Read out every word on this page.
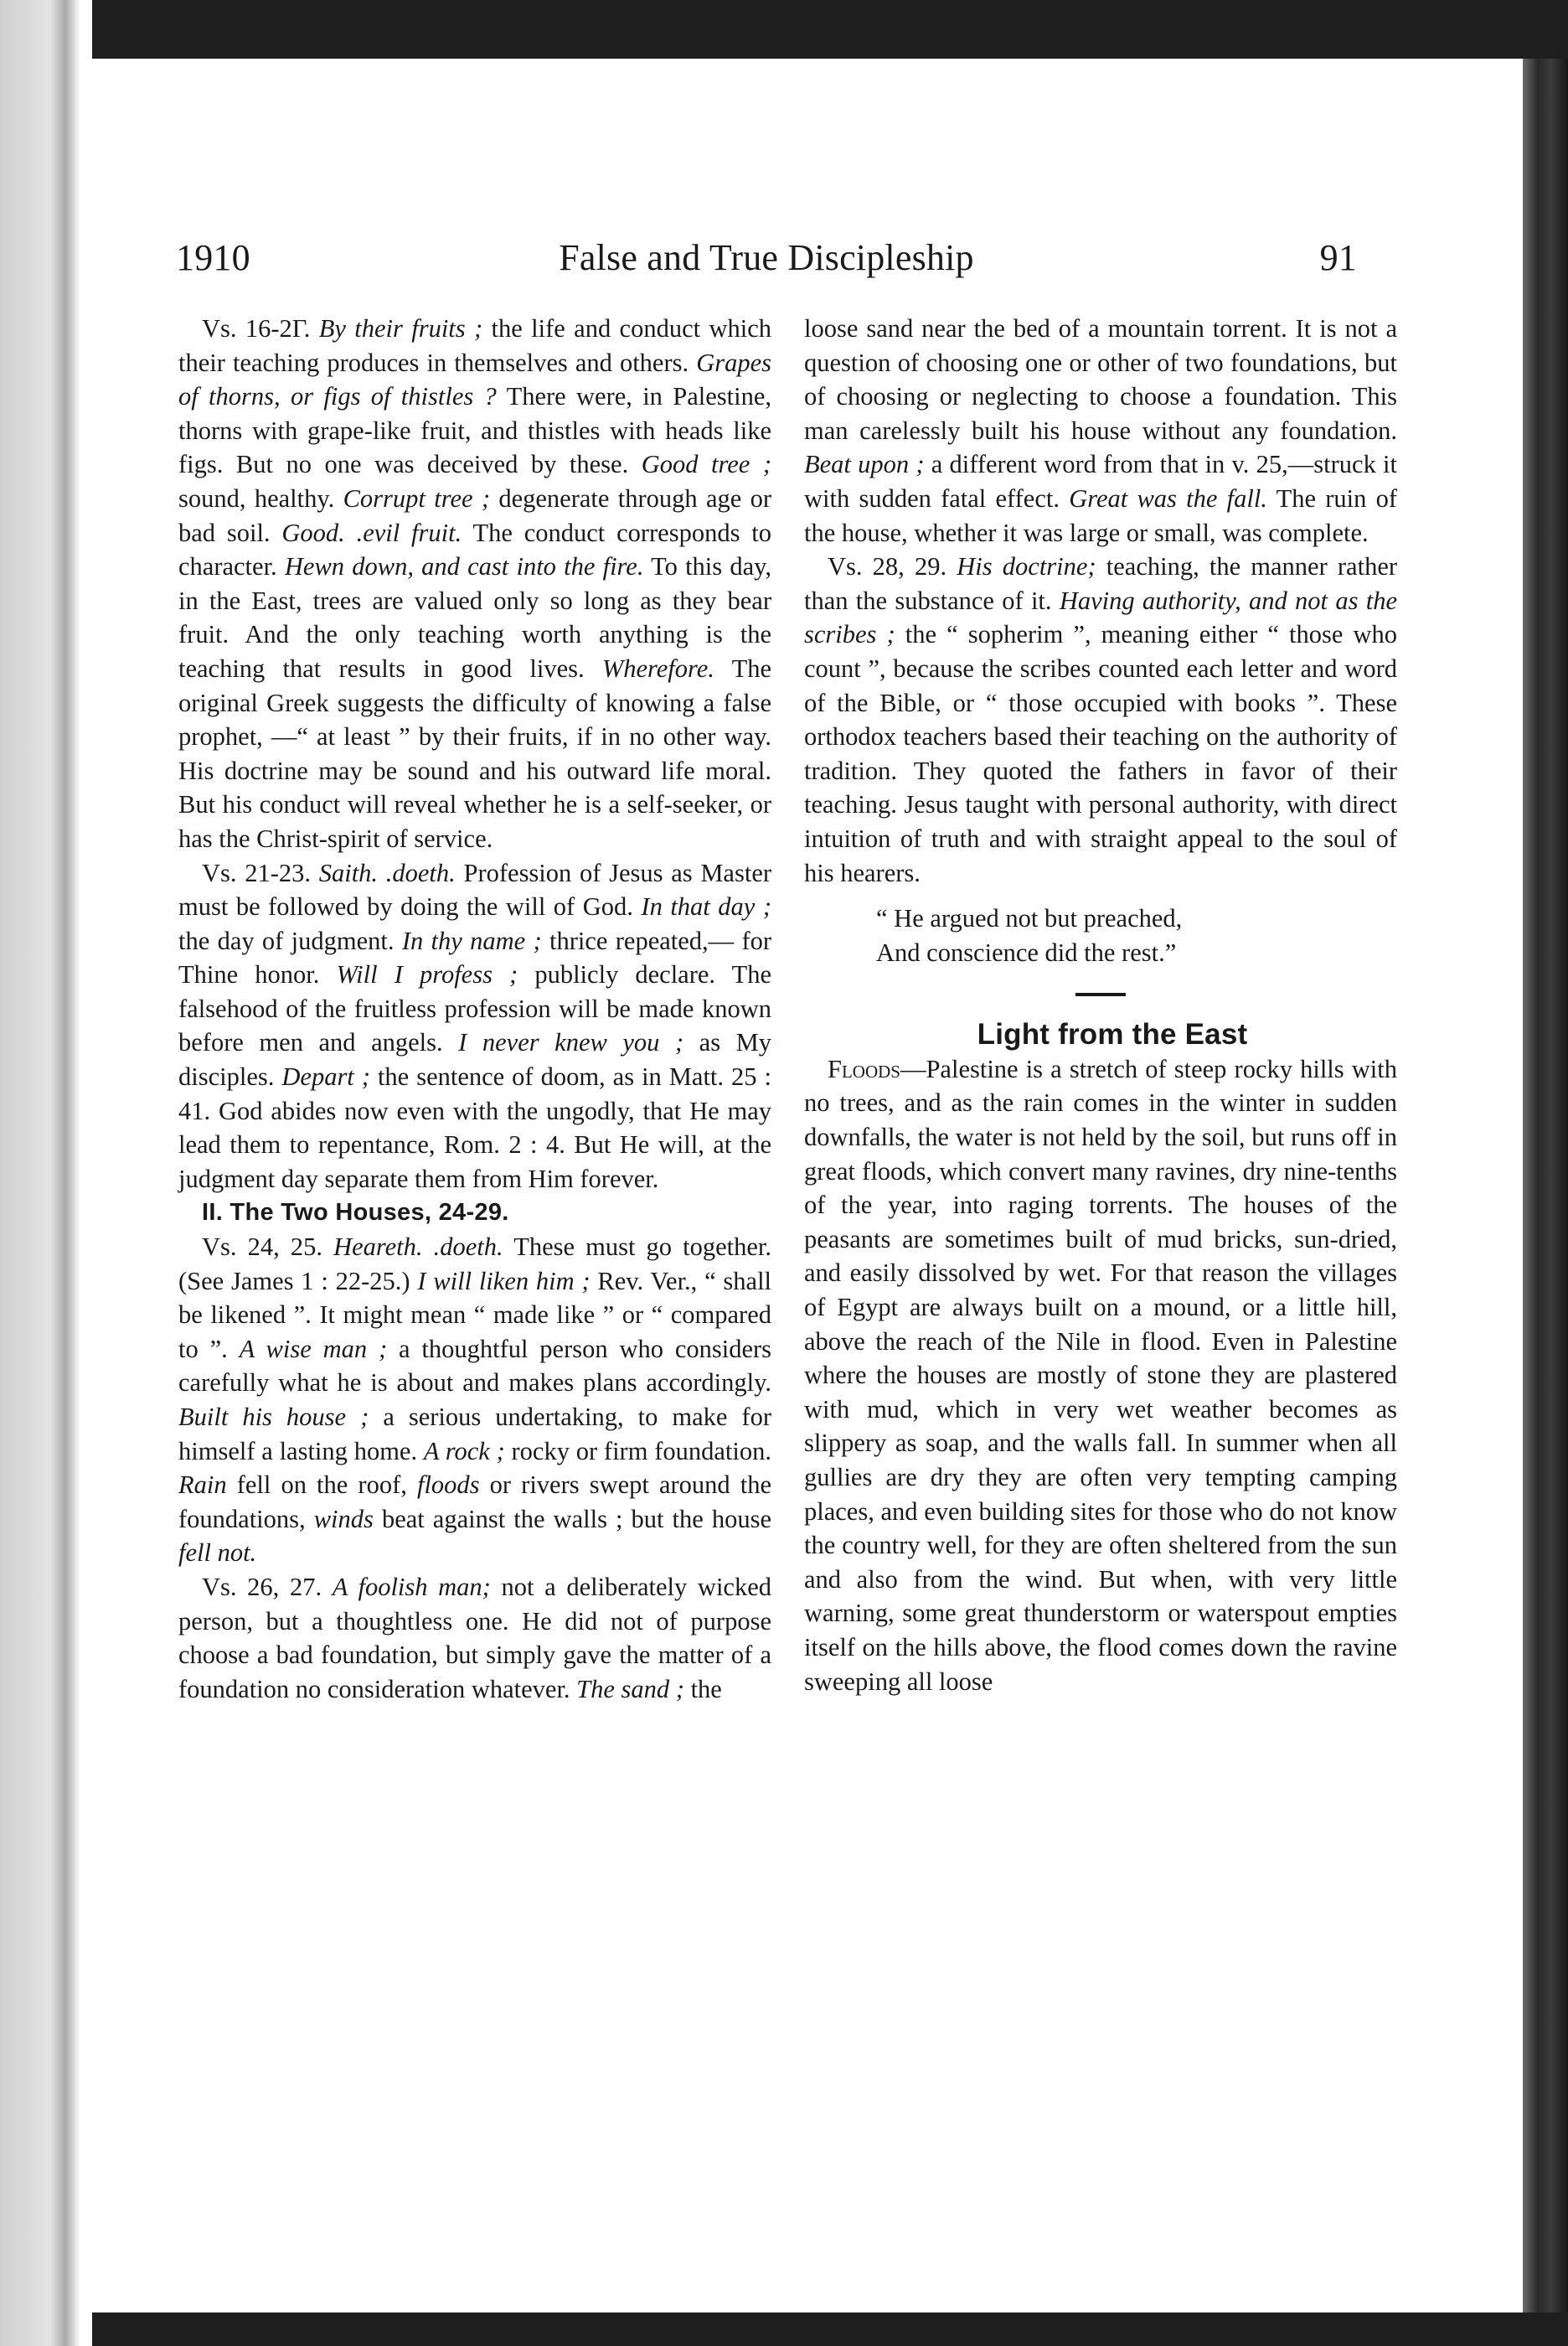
1910	False and True Discipleship	91

Vs. 16-2Γ. By their fruits ; the life and conduct which their teaching produces in themselves and others. Grapes of thorns, or figs of thistles ? There were, in Palestine, thorns with grape-like fruit, and thistles with heads like figs. But no one was deceived by these. Good tree ; sound, healthy. Corrupt tree ; degenerate through age or bad soil. Good. .evil fruit. The conduct corresponds to character. Hewn down, and cast into the fire. To this day, in the East, trees are valued only so long as they bear fruit. And the only teaching worth anything is the teaching that results in good lives. Wherefore. The original Greek suggests the difficulty of knowing a false prophet, —“ at least ” by their fruits, if in no other way. His doctrine may be sound and his outward life moral. But his conduct will reveal whether he is a self-seeker, or has the Christ-spirit of service.

Vs. 21-23. Saith. .doeth. Profession of Jesus as Master must be followed by doing the will of God. In that day ; the day of judgment. In thy name ; thrice repeated,— for Thine honor. Will I profess ; publicly declare. The falsehood of the fruitless profession will be made known before men and angels. I never knew you ; as My disciples. Depart ; the sentence of doom, as in Matt. 25 : 41. God abides now even with the ungodly, that He may lead them to repentance, Rom. 2 : 4. But He will, at the judgment day separate them from Him forever.

II. The Two Houses, 24-29.

Vs. 24, 25. Heareth. .doeth. These must go together. (See James 1 : 22-25.) I will liken him ; Rev. Ver., “ shall be likened ”. It might mean “ made like ” or “ compared to ”. A wise man ; a thoughtful person who considers carefully what he is about and makes plans accordingly. Built his house ; a serious undertaking, to make for himself a lasting home. A rock ; rocky or firm foundation. Rain fell on the roof, floods or rivers swept around the foundations, winds beat against the walls ; but the house fell not.

Vs. 26, 27. A foolish man; not a deliberately wicked person, but a thoughtless one. He did not of purpose choose a bad foundation, but simply gave the matter of a foundation no consideration whatever. The sand ; the

loose sand near the bed of a mountain torrent. It is not a question of choosing one or other of two foundations, but of choosing or neglecting to choose a foundation. This man carelessly built his house without any foundation. Beat upon ; a different word from that in v. 25,—struck it with sudden fatal effect. Great was the fall. The ruin of the house, whether it was large or small, was complete.

Vs. 28, 29. His doctrine; teaching, the manner rather than the substance of it. Having authority, and not as the scribes ; the “ sopherim ”, meaning either “ those who count ”, because the scribes counted each letter and word of the Bible, or “ those occupied with books ”. These orthodox teachers based their teaching on the authority of tradition. They quoted the fathers in favor of their teaching. Jesus taught with personal authority, with direct intuition of truth and with straight appeal to the soul of his hearers.

“ He argued not but preached,

And conscience did the rest.”

Light from the East

Floods—Palestine is a stretch of steep rocky hills with no trees, and as the rain comes in the winter in sudden downfalls, the water is not held by the soil, but runs off in great floods, which convert many ravines, dry nine-tenths of the year, into raging torrents. The houses of the peasants are sometimes built of mud bricks, sun-dried, and easily dissolved by wet. For that reason the villages of Egypt are always built on a mound, or a little hill, above the reach of the Nile in flood. Even in Palestine where the houses are mostly of stone they are plastered with mud, which in very wet weather becomes as slippery as soap, and the walls fall. In summer when all gullies are dry they are often very tempting camping places, and even building sites for those who do not know the country well, for they are often sheltered from the sun and also from the wind. But when, with very little warning, some great thunderstorm or waterspout empties itself on the hills above, the flood comes down the ravine sweeping all loose
